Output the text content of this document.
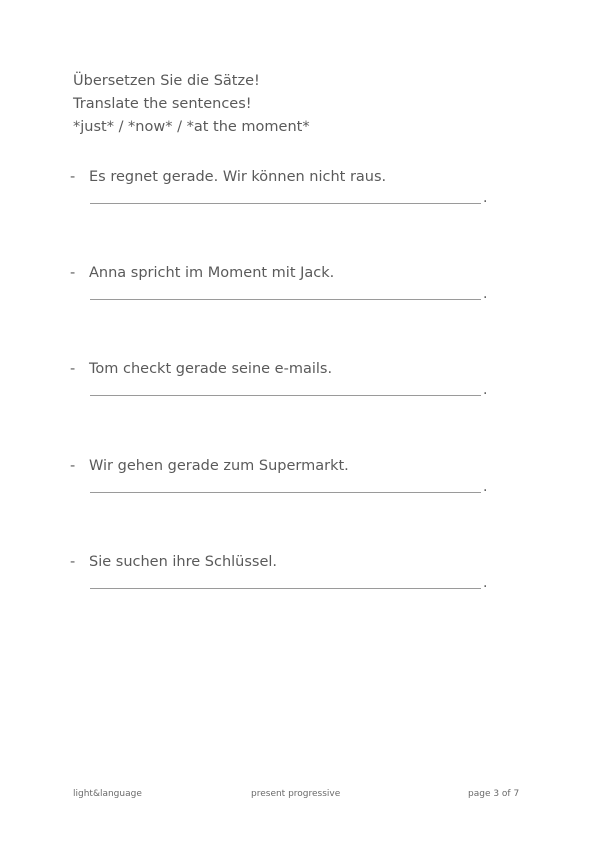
Übersetzen Sie die Sätze!
Translate the sentences!
*just* / *now* / *at the moment*
- Es regnet gerade. Wir können nicht raus.
.
- Anna spricht im Moment mit Jack.
.
- Tom checkt gerade seine e-mails.
.
- Wir gehen gerade zum Supermarkt.
.
- Sie suchen ihre Schlüssel.
.
light&language	present progressive	page 3 of 7
